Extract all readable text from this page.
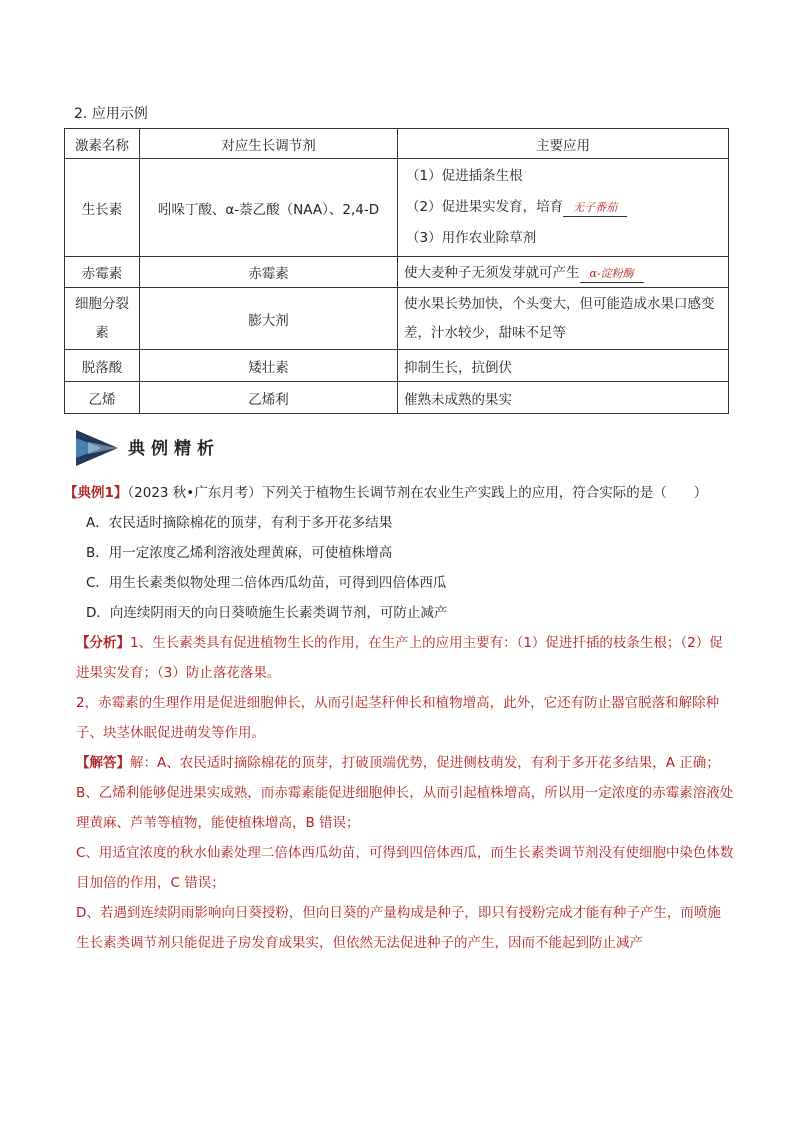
2. 应用示例
激素名称	对应生长调节剂	主要应用
生长素	吲哚丁酸、α-萘乙酸（NAA）、2,4-D	（1）促进插条生根
（2）促进果实发育，培育 无子番茄
（3）用作农业除草剂

赤霉素	赤霉素	使大麦种子无须发芽就可产生 α-淀粉酶
细胞分裂素	膨大剂	使水果长势加快，个头变大，但可能造成水果口感变差，汁水较少，甜味不足等
脱落酸	矮壮素	抑制生长，抗倒伏
乙烯	乙烯利	催熟未成熟的果实
典例精析

【典例1】（2023 秋•广东月考）下列关于植物生长调节剂在农业生产实践上的应用，符合实际的是（　　）

A．农民适时摘除棉花的顶芽，有利于多开花多结果

B．用一定浓度乙烯利溶液处理黄麻，可使植株增高

C．用生长素类似物处理二倍体西瓜幼苗，可得到四倍体西瓜

D．向连续阴雨天的向日葵喷施生长素类调节剂，可防止减产

【分析】1、生长素类具有促进植物生长的作用，在生产上的应用主要有：（1）促进扦插的枝条生根；（2）促进果实发育；（3）防止落花落果。

2，赤霉素的生理作用是促进细胞伸长，从而引起茎秆伸长和植物增高，此外，它还有防止器官脱落和解除种子、块茎休眠促进萌发等作用。

【解答】解：A、农民适时摘除棉花的顶芽，打破顶端优势，促进侧枝萌发，有利于多开花多结果，A 正确；

B、乙烯利能够促进果实成熟，而赤霉素能促进细胞伸长，从而引起植株增高，所以用一定浓度的赤霉素溶液处理黄麻、芦苇等植物，能使植株增高，B 错误；

C、用适宜浓度的秋水仙素处理二倍体西瓜幼苗，可得到四倍体西瓜，而生长素类调节剂没有使细胞中染色体数目加倍的作用，C 错误；

D、若遇到连续阴雨影响向日葵授粉，但向日葵的产量构成是种子，即只有授粉完成才能有种子产生，而喷施生长素类调节剂只能促进子房发育成果实，但依然无法促进种子的产生，因而不能起到防止减产
